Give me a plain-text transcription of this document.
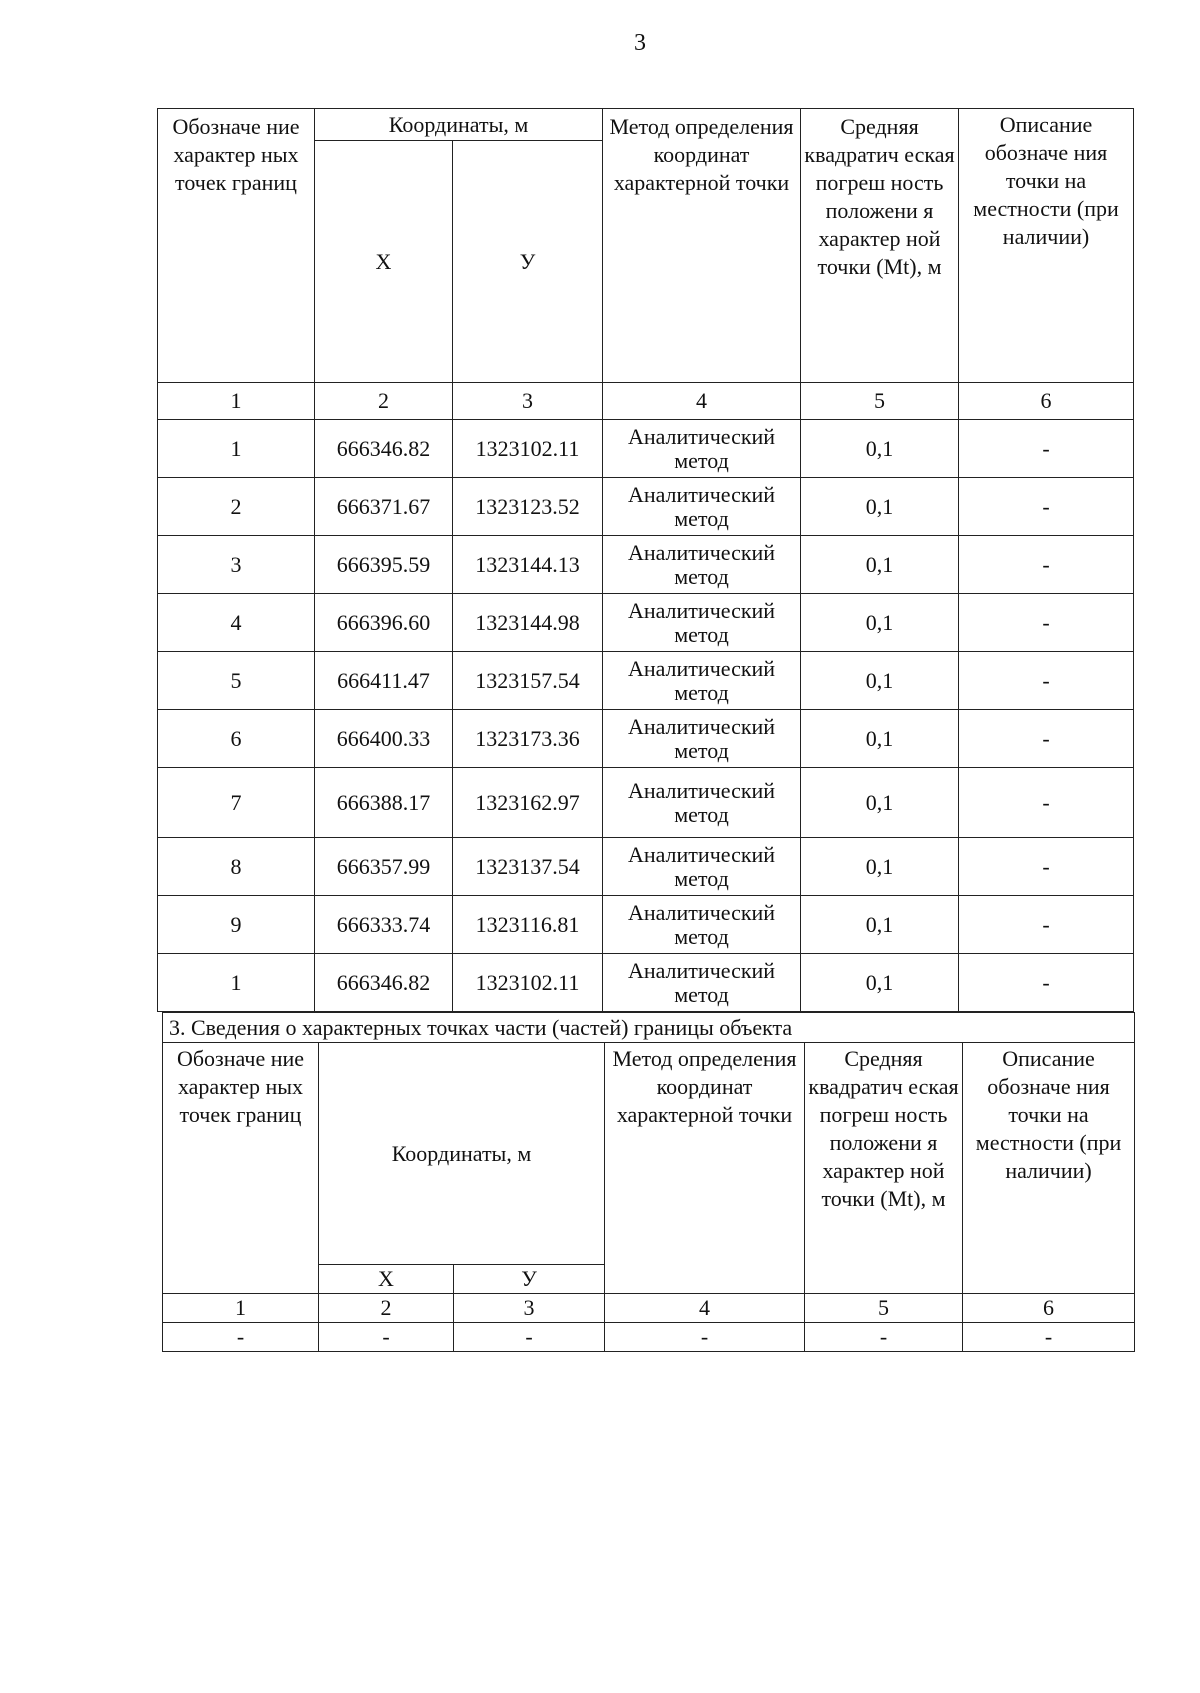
3
Обозначе ние характер ных точек границ	Координаты, м		Метод определения координат характерной точки	Средняя квадратич еская погреш ность положени я характер ной точки (Mt), м	Описание обозначе ния точки на местности (при наличии)
	Х	У			
1	2	3	4	5	6
1	666346.82	1323102.11	Аналитический метод	0,1	-
2	666371.67	1323123.52	Аналитический метод	0,1	-
3	666395.59	1323144.13	Аналитический метод	0,1	-
4	666396.60	1323144.98	Аналитический метод	0,1	-
5	666411.47	1323157.54	Аналитический метод	0,1	-
6	666400.33	1323173.36	Аналитический метод	0,1	-
7	666388.17	1323162.97	Аналитический метод	0,1	-
8	666357.99	1323137.54	Аналитический метод	0,1	-
9	666333.74	1323116.81	Аналитический метод	0,1	-
1	666346.82	1323102.11	Аналитический метод	0,1	-
3. Сведения о характерных точках части (частей) границы объекта					
Обозначе ние характер ных точек границ	Координаты, м		Метод определения координат характерной точки	Средняя квадратич еская погреш ность положени я характер ной точки (Mt), м	Описание обозначе ния точки на местности (при наличии)
	Х	У			
1	2	3	4	5	6
-	-	-	-	-	-
